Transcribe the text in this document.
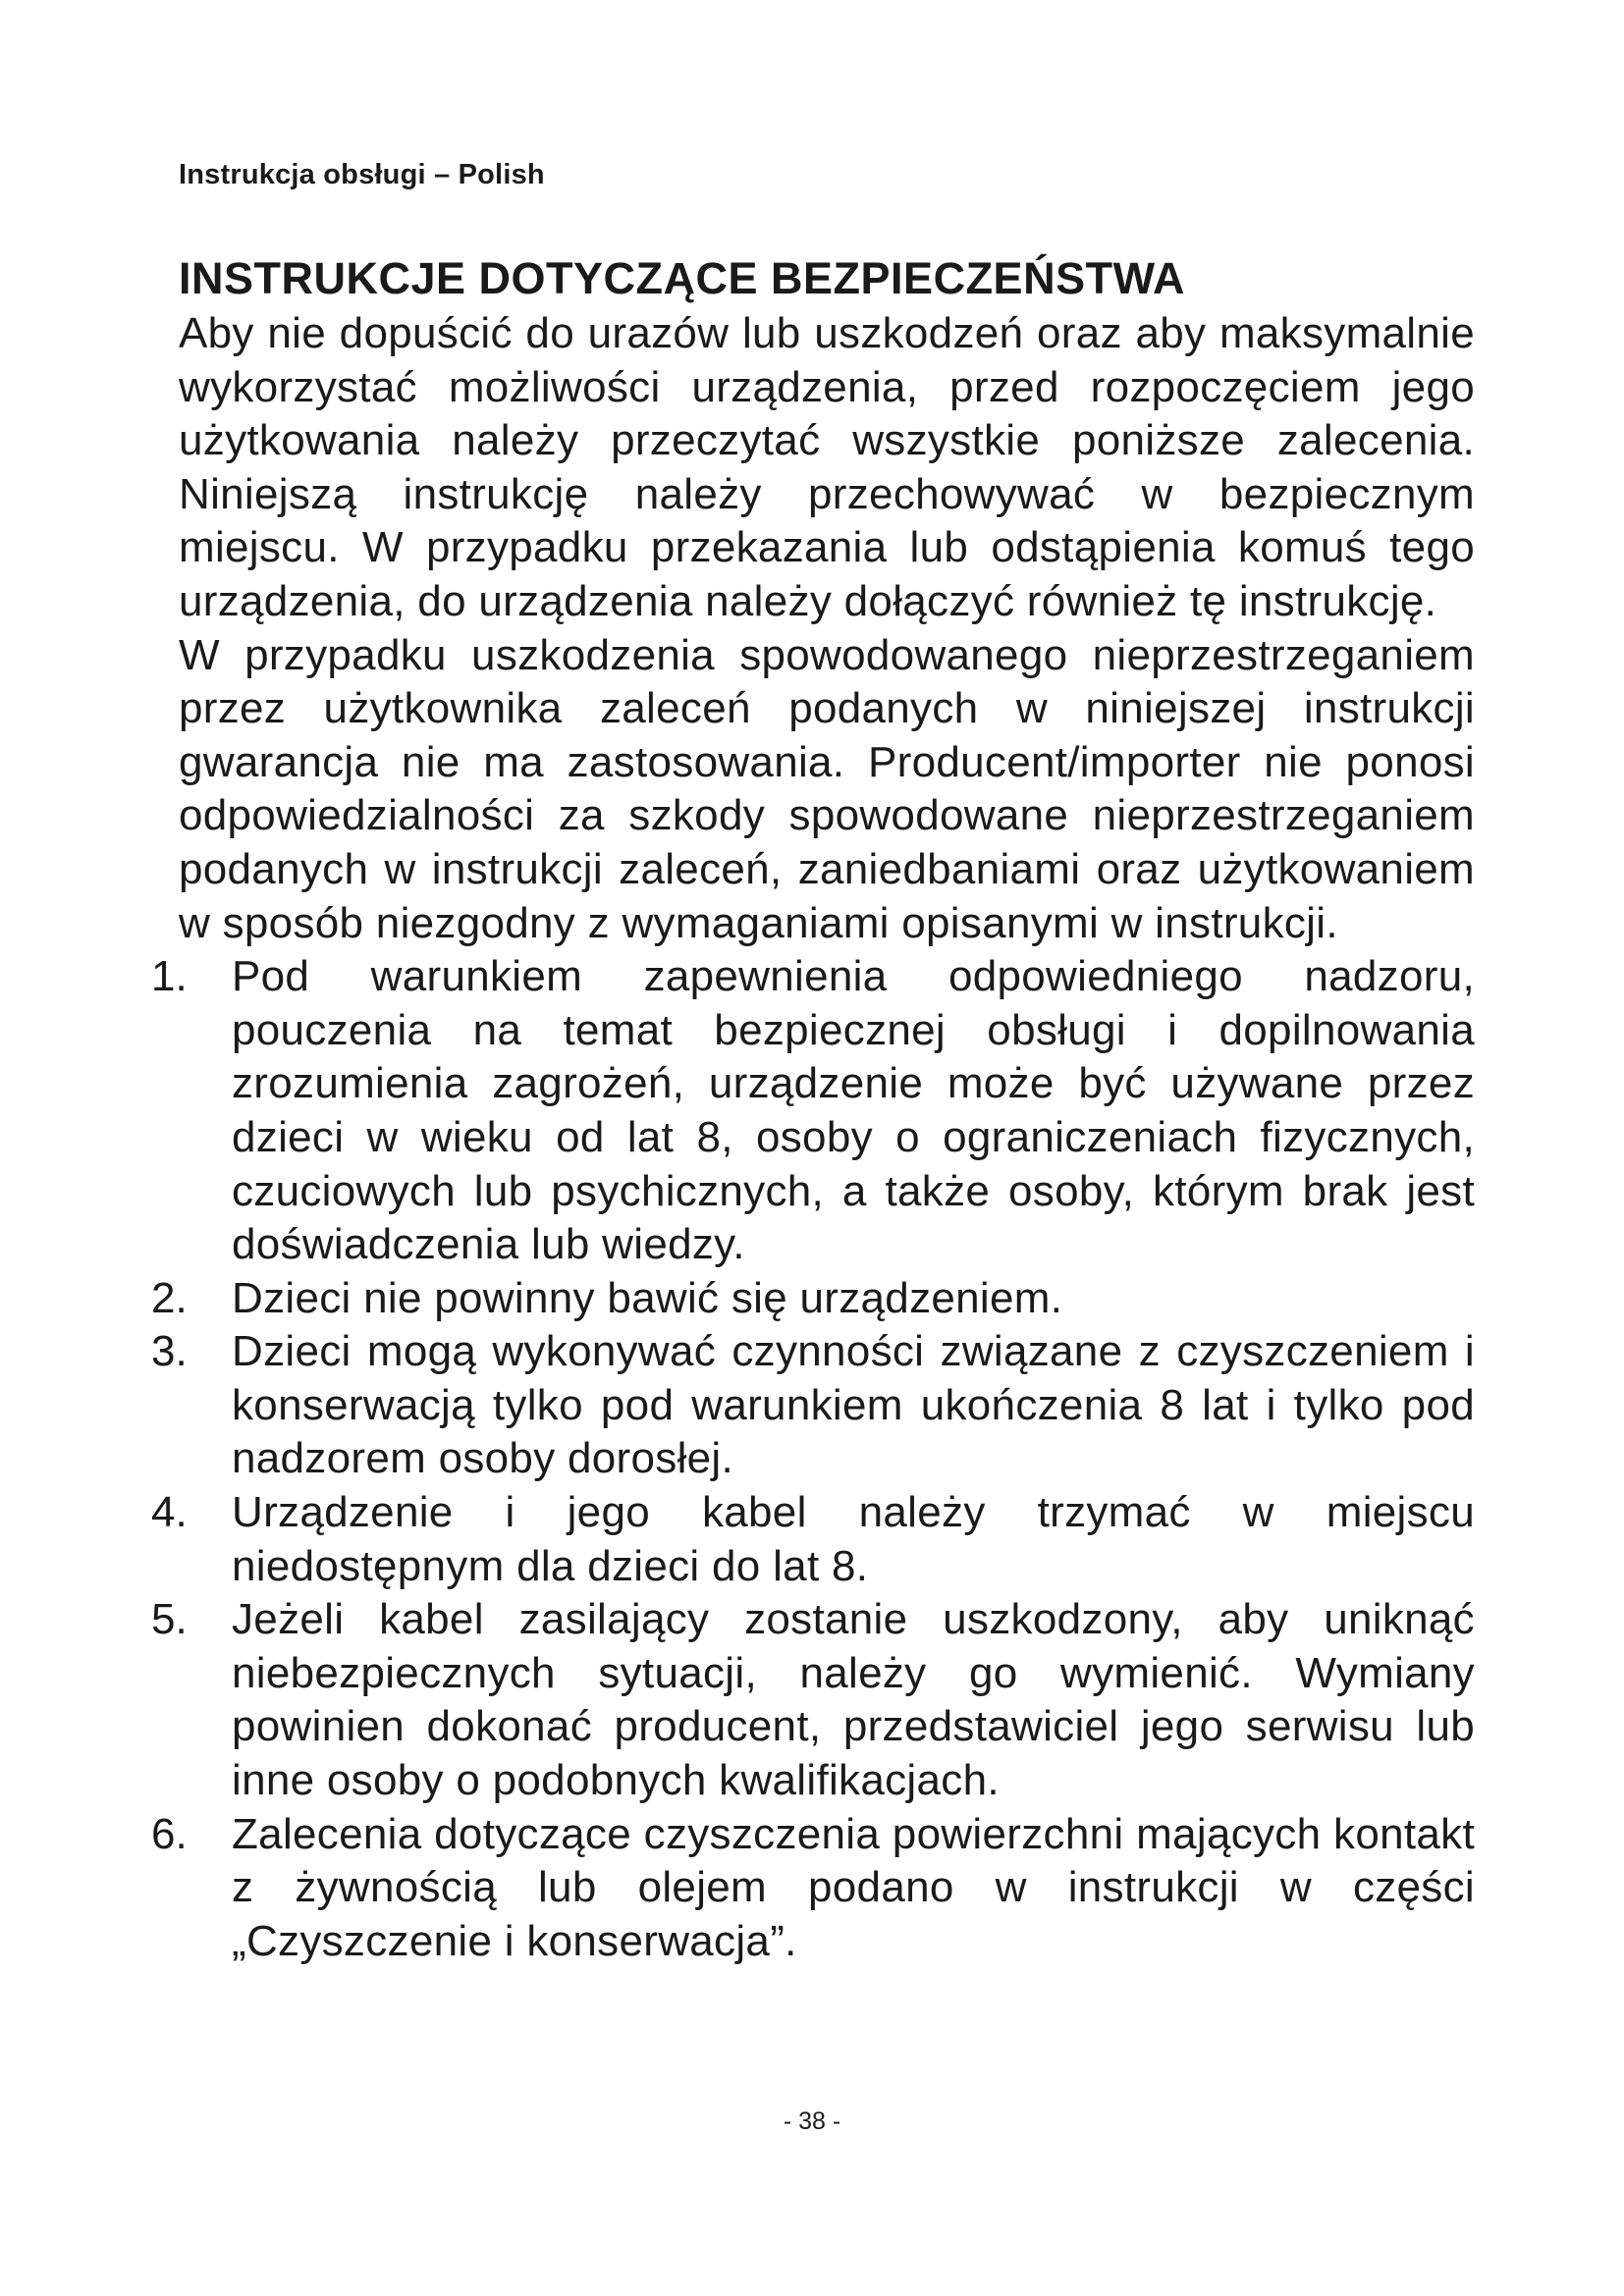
Instrukcja obsługi – Polish
INSTRUKCJE DOTYCZĄCE BEZPIECZEŃSTWA

Aby nie dopuścić do urazów lub uszkodzeń oraz aby maksymalnie wykorzystać możliwości urządzenia, przed rozpoczęciem jego użytkowania należy przeczytać wszystkie poniższe zalecenia. Niniejszą instrukcję należy przechowywać w bezpiecznym miejscu. W przypadku przekazania lub odstąpienia komuś tego urządzenia, do urządzenia należy dołączyć również tę instrukcję.

W przypadku uszkodzenia spowodowanego nieprzestrzeganiem przez użytkownika zaleceń podanych w niniejszej instrukcji gwarancja nie ma zastosowania. Producent/importer nie ponosi odpowiedzialności za szkody spowodowane nieprzestrzeganiem podanych w instrukcji zaleceń, zaniedbaniami oraz użytkowaniem w sposób niezgodny z wymaganiami opisanymi w instrukcji.

1.	Pod warunkiem zapewnienia odpowiedniego nadzoru, pouczenia na temat bezpiecznej obsługi i dopilnowania zrozumienia zagrożeń, urządzenie może być używane przez dzieci w wieku od lat 8, osoby o ograniczeniach fizycznych, czuciowych lub psychicznych, a także osoby, którym brak jest doświadczenia lub wiedzy.
2.	Dzieci nie powinny bawić się urządzeniem.
3.	Dzieci mogą wykonywać czynności związane z czyszczeniem i konserwacją tylko pod warunkiem ukończenia 8 lat i tylko pod nadzorem osoby dorosłej.
4.	Urządzenie i jego kabel należy trzymać w miejscu niedostępnym dla dzieci do lat 8.
5.	Jeżeli kabel zasilający zostanie uszkodzony, aby uniknąć niebezpiecznych sytuacji, należy go wymienić. Wymiany powinien dokonać producent, przedstawiciel jego serwisu lub inne osoby o podobnych kwalifikacjach.
6.	Zalecenia dotyczące czyszczenia powierzchni mających kontakt z żywnością lub olejem podano w instrukcji w części „Czyszczenie i konserwacja”.
- 38 -
